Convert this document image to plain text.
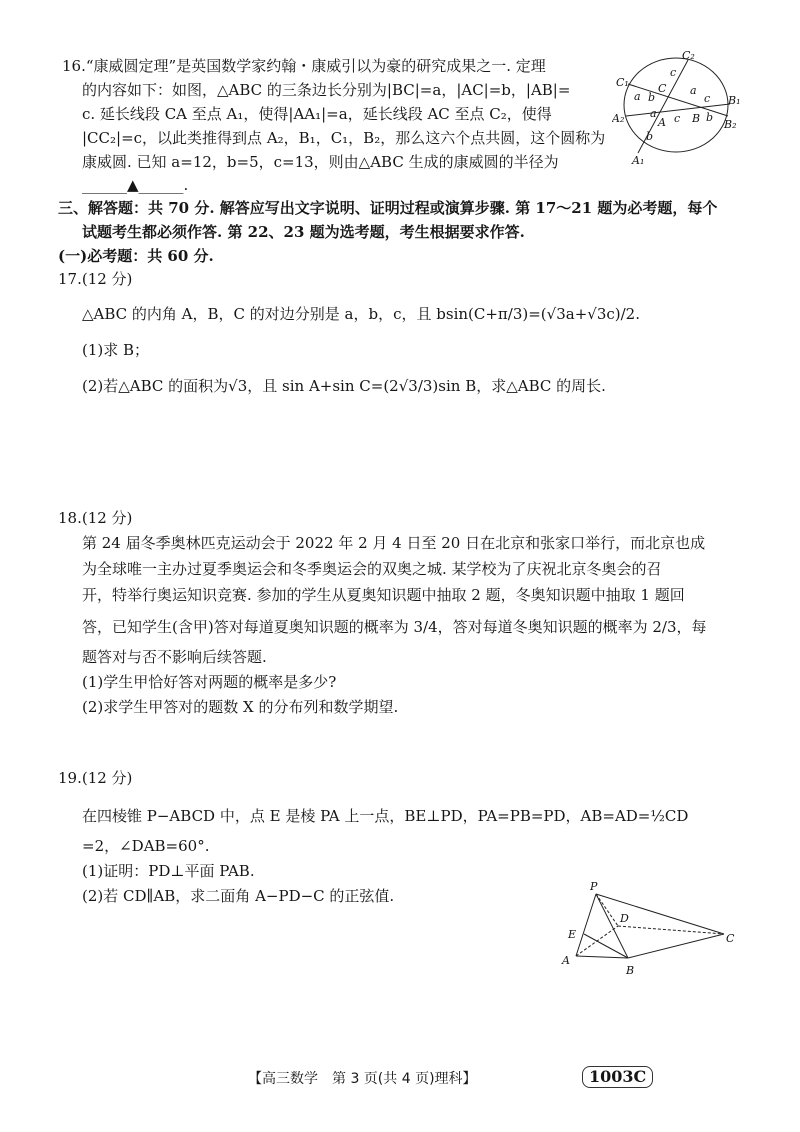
16.“康威圆定理”是英国数学家约翰・康威引以为豪的研究成果之一. 定理
的内容如下：如图，△ABC 的三条边长分别为|BC|=a，|AC|=b，|AB|=
c. 延长线段 CA 至点 A₁，使得|AA₁|=a，延长线段 AC 至点 C₂，使得
|CC₂|=c，以此类推得到点 A₂，B₁，C₁，B₂，那么这六个点共圆，这个圆称为
康威圆. 已知 a=12，b=5，c=13，则由△ABC 生成的康威圆的半径为
______▲______.
C₂
C₁
c
C a
b	c
a	B₁
A₂ a
A c B b
B₂
b
A₁
三、解答题：共 70 分. 解答应写出文字说明、证明过程或演算步骤. 第 17～21 题为必考题，每个
试题考生都必须作答. 第 22、23 题为选考题，考生根据要求作答.
(一)必考题：共 60 分.
17.(12 分)
△ABC 的内角 A，B，C 的对边分别是 a，b，c，且 bsin(C+π/3)=(√3a+√3c)/2.
(1)求 B；
(2)若△ABC 的面积为√3，且 sin A+sin C=(2√3/3)sin B，求△ABC 的周长.
18.(12 分)
第 24 届冬季奥林匹克运动会于 2022 年 2 月 4 日至 20 日在北京和张家口举行，而北京也成
为全球唯一主办过夏季奥运会和冬季奥运会的双奥之城. 某学校为了庆祝北京冬奥会的召
开，特举行奥运知识竞赛. 参加的学生从夏奥知识题中抽取 2 题，冬奥知识题中抽取 1 题回
答，已知学生(含甲)答对每道夏奥知识题的概率为 3/4，答对每道冬奥知识题的概率为 2/3，每
题答对与否不影响后续答题.
(1)学生甲恰好答对两题的概率是多少?
(2)求学生甲答对的题数 X 的分布列和数学期望.
19.(12 分)
在四棱锥 P−ABCD 中，点 E 是棱 PA 上一点，BE⊥PD，PA=PB=PD，AB=AD=½CD
=2，∠DAB=60°.
(1)证明：PD⊥平面 PAB.
(2)若 CD∥AB，求二面角 A−PD−C 的正弦值.
P
D
E	C
A
B
【高三数学　第 3 页(共 4 页)理科】	1003C
